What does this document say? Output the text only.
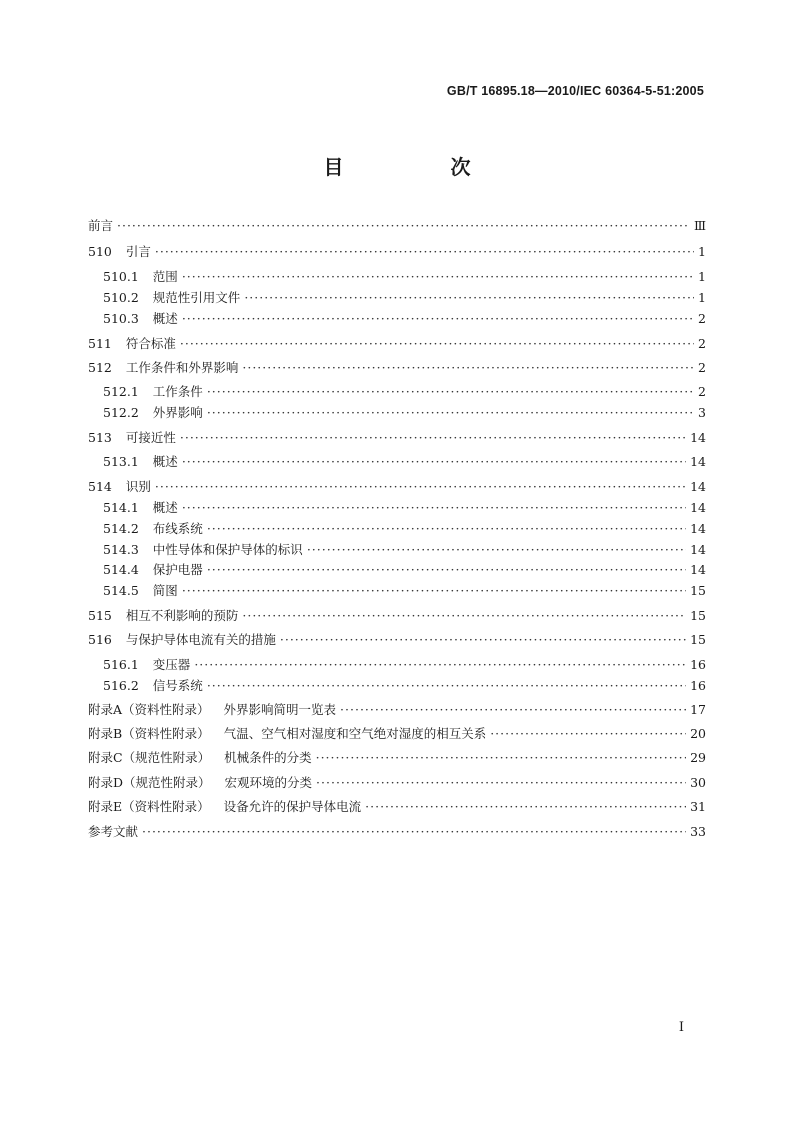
GB/T 16895.18—2010/IEC 60364-5-51:2005
目 次
前言 ·····	Ⅲ
510 引言 ·····	1
510.1 范围 ·····	1
510.2 规范性引用文件 ·····	1
510.3 概述 ·····	2
511 符合标准 ·····	2
512 工作条件和外界影响 ·····	2
512.1 工作条件 ·····	2
512.2 外界影响 ·····	3
513 可接近性 ·····	14
513.1 概述 ·····	14
514 识别 ·····	14
514.1 概述 ·····	14
514.2 布线系统 ·····	14
514.3 中性导体和保护导体的标识 ·····	14
514.4 保护电器 ·····	14
514.5 简图 ·····	15
515 相互不利影响的预防 ·····	15
516 与保护导体电流有关的措施 ·····	15
516.1 变压器 ·····	16
516.2 信号系统 ·····	16
附录A（资料性附录） 外界影响简明一览表 ·····	17
附录B（资料性附录） 气温、空气相对湿度和空气绝对湿度的相互关系 ·····	20
附录C（规范性附录） 机械条件的分类 ·····	29
附录D（规范性附录） 宏观环境的分类 ·····	30
附录E（资料性附录） 设备允许的保护导体电流 ·····	31
参考文献 ·····	33
I
